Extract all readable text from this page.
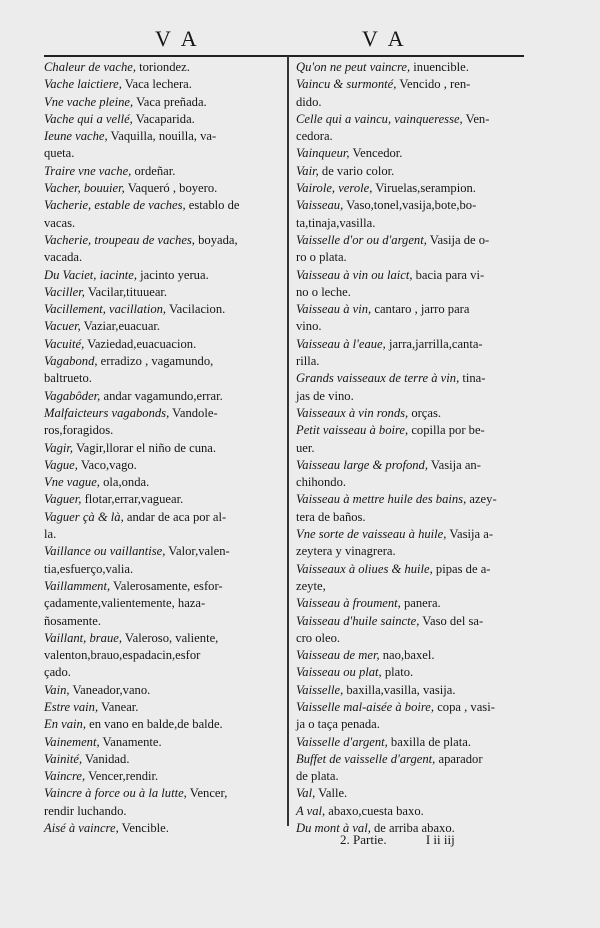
V A	V A
Chaleur de vache, toriondez.
Vache laictiere, Vaca lechera.
Vne vache pleine, Vaca preñada.
Vache qui a vellé, Vacaparida.
Ieune vache, Vaquilla, nouilla, va-
queta.
Traire vne vache, ordeñar.
Vacher, bouuier, Vaqueró , boyero.
Vacherie, estable de vaches, establo de
vacas.
Vacherie, troupeau de vaches, boyada,
vacada.
Du Vaciet, iacinte, jacinto yerua.
Vaciller, Vacilar,tituuear.
Vacillement, vacillation, Vacilacion.
Vacuer, Vaziar,euacuar.
Vacuité, Vaziedad,euacuacion.
Vagabond, erradizo , vagamundo,
baltrueto.
Vagabôder, andar vagamundo,errar.
Malfaicteurs vagabonds, Vandole-
ros,foragidos.
Vagir, Vagir,llorar el niño de cuna.
Vague, Vaco,vago.
Vne vague, ola,onda.
Vaguer, flotar,errar,vaguear.
Vaguer çà & là, andar de aca por al-
la.
Vaillance ou vaillantise, Valor,valen-
tia,esfuerço,valia.
Vaillamment, Valerosamente, esfor-
çadamente,valientemente, haza-
ñosamente.
Vaillant, braue, Valeroso, valiente,
valenton,brauo,espadacin,esfor
çado.
Vain, Vaneador,vano.
Estre vain, Vanear.
En vain, en vano en balde,de balde.
Vainement, Vanamente.
Vainité, Vanidad.
Vaincre, Vencer,rendir.
Vaincre à force ou à la lutte, Vencer,
rendir luchando.
Aisé à vaincre, Vencible.
Qu'on ne peut vaincre, inuencible.
Vaincu & surmonté, Vencido , ren-
dido.
Celle qui a vaincu, vainqueresse, Ven-
cedora.
Vainqueur, Vencedor.
Vair, de vario color.
Vairole, verole, Viruelas,serampion.
Vaisseau, Vaso,tonel,vasija,bote,bo-
ta,tinaja,vasilla.
Vaisselle d'or ou d'argent, Vasija de o-
ro o plata.
Vaisseau à vin ou laict, bacia para vi-
no o leche.
Vaisseau à vin, cantaro , jarro para
vino.
Vaisseau à l'eaue, jarra,jarrilla,canta-
rilla.
Grands vaisseaux de terre à vin, tina-
jas de vino.
Vaisseaux à vin ronds, orças.
Petit vaisseau à boire, copilla por be-
uer.
Vaisseau large & profond, Vasija an-
chihondo.
Vaisseau à mettre huile des bains, azey-
tera de baños.
Vne sorte de vaisseau à huile, Vasija a-
zeytera y vinagrera.
Vaisseaux à oliues & huile, pipas de a-
zeyte,
Vaisseau à froument, panera.
Vaisseau d'huile saincte, Vaso del sa-
cro oleo.
Vaisseau de mer, nao,baxel.
Vaisseau ou plat, plato.
Vaisselle, baxilla,vasilla, vasija.
Vaisselle mal-aisée à boire, copa , vasi-
ja o taça penada.
Vaisselle d'argent, baxilla de plata.
Buffet de vaisselle d'argent, aparador
de plata.
Val, Valle.
A val, abaxo,cuesta baxo.
Du mont à val, de arriba abaxo.
2. Partie.	I ii iij
